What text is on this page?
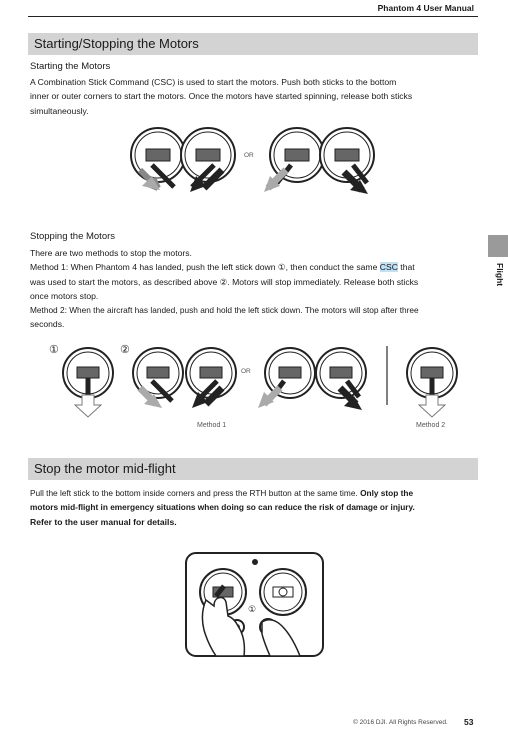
Phantom 4 User Manual
Flight
Starting/Stopping the Motors
Starting the Motors
A Combination Stick Command (CSC) is used to start the motors. Push both sticks to the bottom
inner or outer corners to start the motors. Once the motors have started spinning, release both sticks
simultaneously.
OR
Stopping the Motors
There are two methods to stop the motors.
Method 1: When Phantom 4 has landed, push the left stick down ①, then conduct the same CSC that
was used to start the motors, as described above ②. Motors will stop immediately. Release both sticks
once motors stop.
Method 2: When the aircraft has landed, push and hold the left stick down. The motors will stop after three
seconds.
①	②
OR
Method 1	Method 2
Stop the motor mid-flight
Pull the left stick to the bottom inside corners and press the RTH button at the same time. Only stop the
motors mid-flight in emergency situations when doing so can reduce the risk of damage or injury.
Refer to the user manual for details.
①
© 2016 DJI. All Rights Reserved. 53
